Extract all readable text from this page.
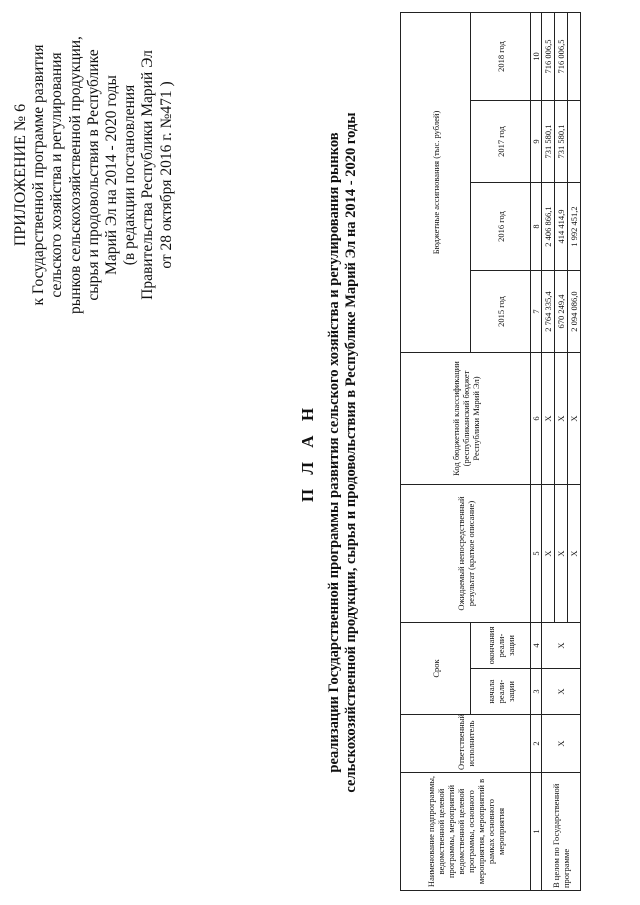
ПРИЛОЖЕНИЕ № 6 к Государственной программе развития сельского хозяйства и регулирования рынков сельскохозяйственной продукции, сырья и продовольствия в Республике Марий Эл на 2014 - 2020 годы (в редакции постановления Правительства Республики Марий Эл от 28 октября 2016 г. №471 )
П Л А Н реализации Государственной программы развития сельского хозяйства и регулирования рынков сельскохозяйственной продукции, сырья и продовольствия в Республике Марий Эл на 2014 - 2020 годы
Наименование подпрограммы, ведомственной целевой программы, мероприятий ведомственной целевой программы, основного мероприятия, мероприятий в рамках основного мероприятия	Ответственный исполнитель	Срок		Ожидаемый непосредственный результат (краткое описание)	Код бюджетной классификации (республиканский бюджет Республики Марий Эл)	Бюджетные ассигнования (тыс. рублей)			
		начала реали-зации	окончания реали-зации			2015 год	2016 год	2017 год	2018 год
1	2	3	4	5	6	7	8	9	10
В целом по Государственной программе	X	X	X	X	X	2 764 335,4	2 406 866,1	731 580,1	716 006,5
				X	X	670 249,4	414 414,9	731 580,1	716 006,5
				X	X	2 094 086,0	1 992 451,2		
